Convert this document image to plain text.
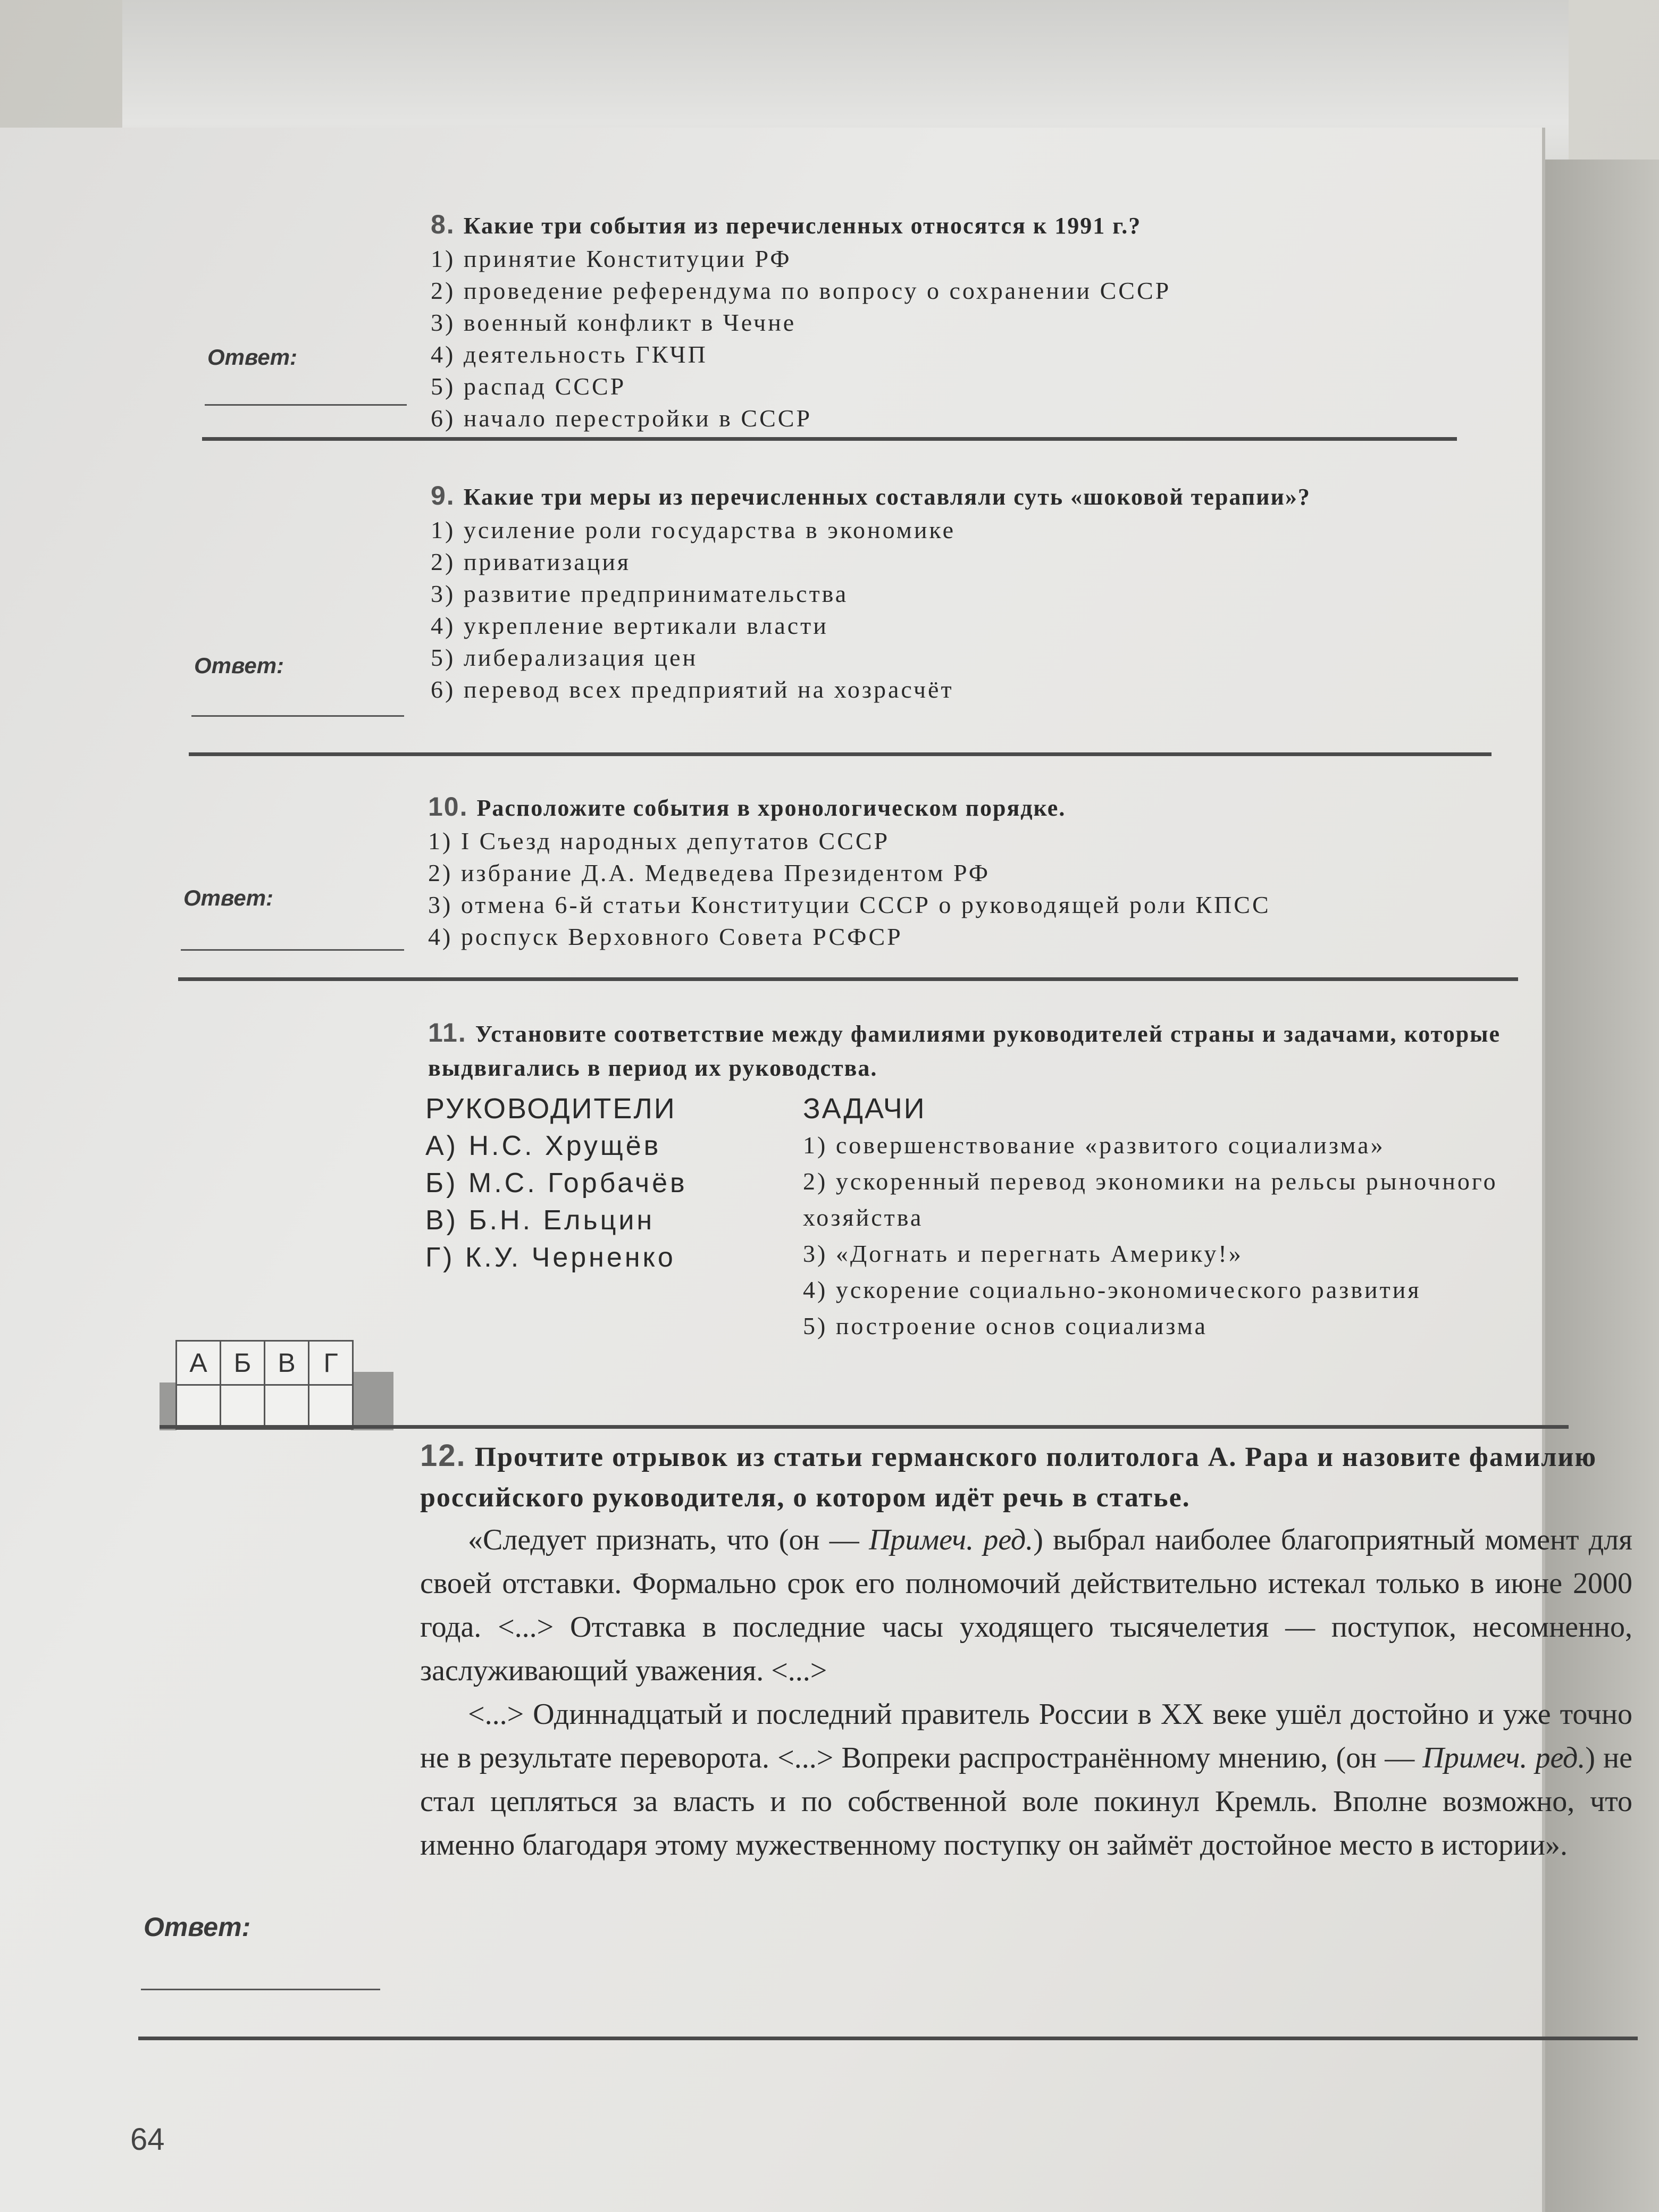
8. Какие три события из перечисленных относятся к 1991 г.?
1) принятие Конституции РФ
2) проведение референдума по вопросу о сохранении СССР
3) военный конфликт в Чечне
4) деятельность ГКЧП
5) распад СССР
6) начало перестройки в СССР
Ответ:
9. Какие три меры из перечисленных составляли суть «шоковой терапии»?
1) усиление роли государства в экономике
2) приватизация
3) развитие предпринимательства
4) укрепление вертикали власти
5) либерализация цен
6) перевод всех предприятий на хозрасчёт
Ответ:
10. Расположите события в хронологическом порядке.
1) I Съезд народных депутатов СССР
2) избрание Д.А. Медведева Президентом РФ
3) отмена 6-й статьи Конституции СССР о руководящей роли КПСС
4) роспуск Верховного Совета РСФСР
Ответ:
11. Установите соответствие между фамилиями руководителей страны и задачами, которые выдвигались в период их руководства.
РУКОВОДИТЕЛИ
А) Н.С. Хрущёв
Б) М.С. Горбачёв
В) Б.Н. Ельцин
Г) К.У. Черненко
ЗАДАЧИ
1) совершенствование «развитого социализма»
2) ускоренный перевод экономики на рельсы рыночного хозяйства
3) «Догнать и перегнать Америку!»
4) ускорение социально-экономического развития
5) построение основ социализма
А	Б	В	Г

12. Прочтите отрывок из статьи германского политолога А. Рара и назовите фамилию российского руководителя, о котором идёт речь в статье.

«Следует признать, что (он — Примеч. ред.) выбрал наиболее благоприятный момент для своей отставки. Формально срок его полномочий действительно истекал только в июне 2000 года. <...> Отставка в последние часы уходящего тысячелетия — поступок, несомненно, заслуживающий уважения. <...>

<...> Одиннадцатый и последний правитель России в XX веке ушёл достойно и уже точно не в результате переворота. <...> Вопреки распространённому мнению, (он — Примеч. ред.) не стал цепляться за власть и по собственной воле покинул Кремль. Вполне возможно, что именно благодаря этому мужественному поступку он займёт достойное место в истории».

Ответ:
64
